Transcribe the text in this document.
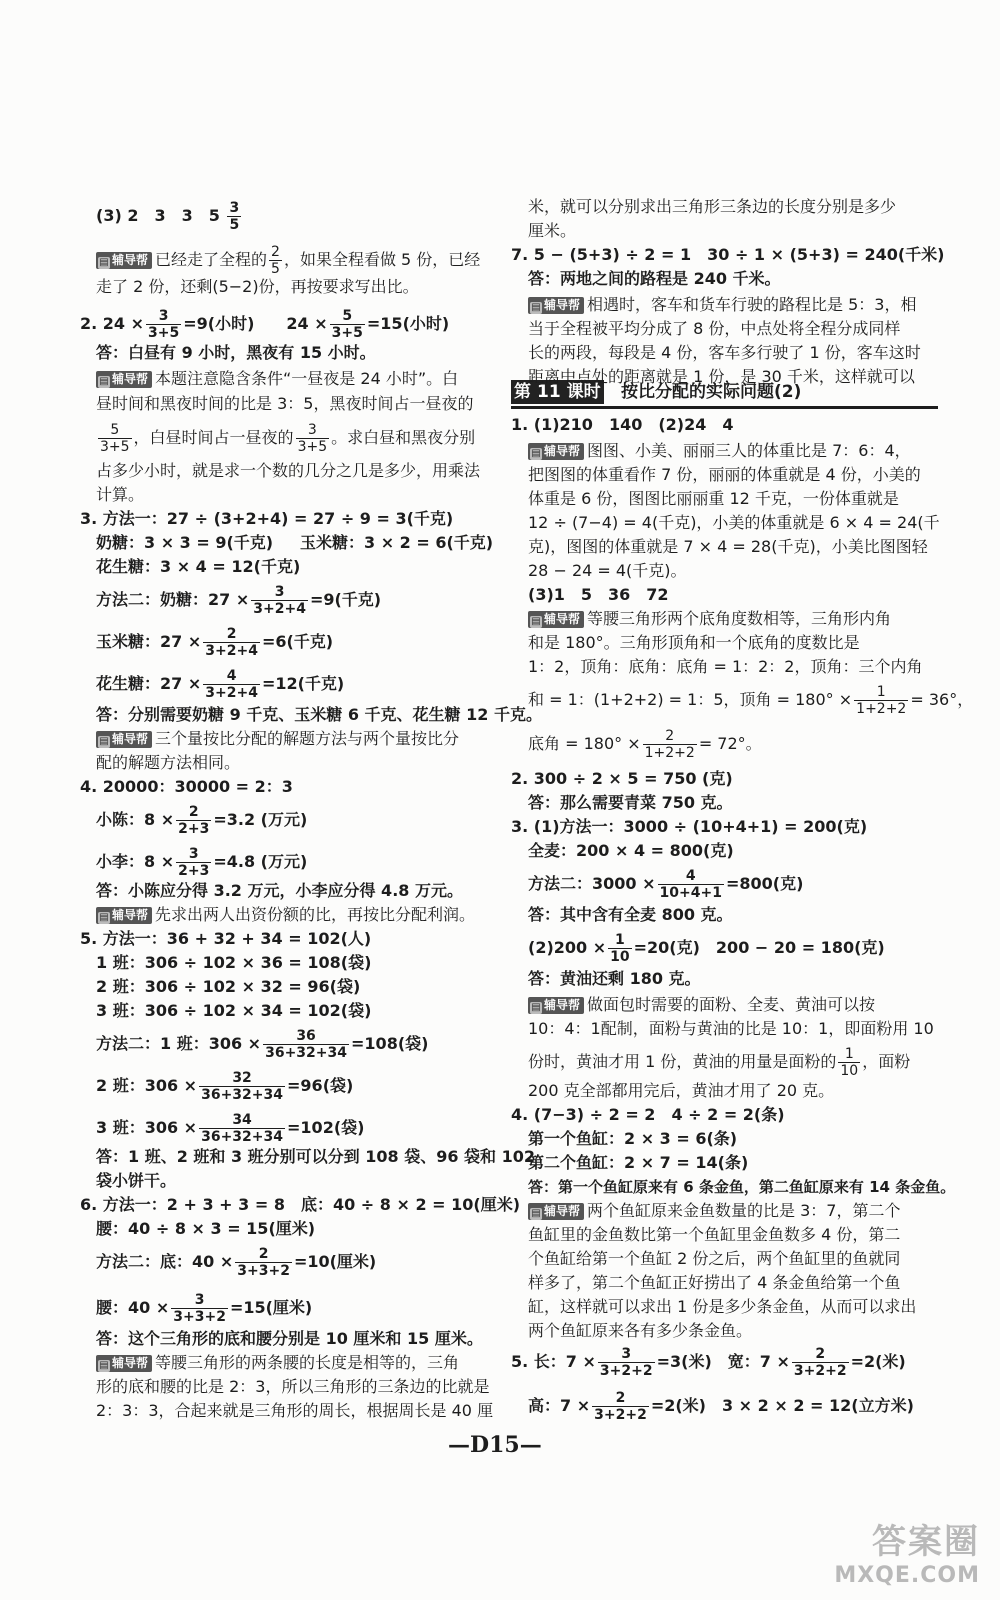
(3) 2　3　3　$5 \frac{3}{5}$
▤ 辅导帮 已经走了全程的 $\frac{2}{5}$ ，如果全程看做 5 份，已经
走了 2 份，还剩(5−2)份，再按要求写出比。
2. $24 \times \frac{3}{3+5} =9$(小时)　　$24 \times \frac{5}{3+5} =15$(小时)
答：白昼有 9 小时，黑夜有 15 小时。
▤ 辅导帮 本题注意隐含条件“一昼夜是 24 小时”。白
昼时间和黑夜时间的比是 3：5，黑夜时间占一昼夜的
$\frac{5}{3+5}$ ，白昼时间占一昼夜的 $\frac{3}{3+5}$ 。求白昼和黑夜分别
占多少小时，就是求一个数的几分之几是多少，用乘法
计算。
3. 方法一：27 ÷ (3+2+4) = 27 ÷ 9 = 3(千克)
奶糖：3 × 3 = 9(千克) 玉米糖：3 × 2 = 6(千克)
花生糖：3 × 4 = 12(千克)
方法二：奶糖：$27 \times \frac{3}{3+2+4} =9$(千克)
玉米糖：$27 \times \frac{2}{3+2+4} =6$(千克)
花生糖：$27 \times \frac{4}{3+2+4} =12$(千克)
答：分别需要奶糖 9 千克、玉米糖 6 千克、花生糖 12 千克。
▤ 辅导帮 三个量按比分配的解题方法与两个量按比分
配的解题方法相同。
4. 20000：30000 = 2：3
小陈：$8 \times \frac{2}{2+3} =3.2$ (万元)
小李：$8 \times \frac{3}{2+3} =4.8$ (万元)
答：小陈应分得 3.2 万元，小李应分得 4.8 万元。
▤ 辅导帮 先求出两人出资份额的比，再按比分配利润。
5. 方法一：36 + 32 + 34 = 102(人)
1 班：306 ÷ 102 × 36 = 108(袋)
2 班：306 ÷ 102 × 32 = 96(袋)
3 班：306 ÷ 102 × 34 = 102(袋)
方法二：1 班：$306 \times \frac{36}{36+32+34} =108$(袋)
2 班：$306 \times \frac{32}{36+32+34} =96$(袋)
3 班：$306 \times \frac{34}{36+32+34} =102$(袋)
答：1 班、2 班和 3 班分别可以分到 108 袋、96 袋和 102
袋小饼干。
6. 方法一：2 + 3 + 3 = 8　底：40 ÷ 8 × 2 = 10(厘米)
腰：40 ÷ 8 × 3 = 15(厘米)
方法二：底：$40 \times \frac{2}{3+3+2} =10$(厘米)
腰：$40 \times \frac{3}{3+3+2} =15$(厘米)
答：这个三角形的底和腰分别是 10 厘米和 15 厘米。
▤ 辅导帮 等腰三角形的两条腰的长度是相等的，三角
形的底和腰的比是 2：3，所以三角形的三条边的比就是
2：3：3，合起来就是三角形的周长，根据周长是 40 厘
米，就可以分别求出三角形三条边的长度分别是多少
厘米。
7. 5 − (5+3) ÷ 2 = 1　30 ÷ 1 × (5+3) = 240(千米)
答：两地之间的路程是 240 千米。
▤ 辅导帮 相遇时，客车和货车行驶的路程比是 5：3，相
当于全程被平均分成了 8 份，中点处将全程分成同样
长的两段，每段是 4 份，客车多行驶了 1 份，客车这时
第 11 课时 按比分配的实际问题(2)
距离中点处的距离就是 1 份，是 30 千米，这样就可以
1. (1)210　140　(2)24　4
▤ 辅导帮 图图、小美、丽丽三人的体重比是 7：6：4，
把图图的体重看作 7 份，丽丽的体重就是 4 份，小美的
体重是 6 份，图图比丽丽重 12 千克，一份体重就是
12 ÷ (7−4) = 4(千克)，小美的体重就是 6 × 4 = 24(千
克)，图图的体重就是 7 × 4 = 28(千克)，小美比图图轻
28 − 24 = 4(千克)。
(3)1　5　36　72
▤ 辅导帮 等腰三角形两个底角度数相等，三角形内角
和是 180°。三角形顶角和一个底角的度数比是
1：2，顶角：底角：底角 = 1：2：2，顶角：三个内角
和 = 1：(1+2+2) = 1：5，顶角 = $180^\circ \times \frac{1}{1+2+2} = 36^\circ$，
底角 = $180^\circ \times \frac{2}{1+2+2} = 72^\circ$。
2. 300 ÷ 2 × 5 = 750 (克)
答：那么需要青菜 750 克。
3. (1)方法一：3000 ÷ (10+4+1) = 200(克)
全麦：200 × 4 = 800(克)
方法二：$3000 \times \frac{4}{10+4+1} =800$(克)
答：其中含有全麦 800 克。
$(2)200 \times \frac{1}{10} =20$(克)　200 − 20 = 180(克)
答：黄油还剩 180 克。
▤ 辅导帮 做面包时需要的面粉、全麦、黄油可以按
10：4：1配制，面粉与黄油的比是 10：1，即面粉用 10
份时，黄油才用 1 份，黄油的用量是面粉的 $\frac{1}{10}$ ，面粉
200 克全部都用完后，黄油才用了 20 克。
4. (7−3) ÷ 2 = 2　4 ÷ 2 = 2(条)
第一个鱼缸：2 × 3 = 6(条)
第二个鱼缸：2 × 7 = 14(条)
答：第一个鱼缸原来有 6 条金鱼，第二鱼缸原来有 14 条金鱼。
▤ 辅导帮 两个鱼缸原来金鱼数量的比是 3：7，第二个
鱼缸里的金鱼数比第一个鱼缸里金鱼数多 4 份，第二
个鱼缸给第一个鱼缸 2 份之后，两个鱼缸里的鱼就同
样多了，第二个鱼缸正好捞出了 4 条金鱼给第一个鱼
缸，这样就可以求出 1 份是多少条金鱼，从而可以求出
两个鱼缸原来各有多少条金鱼。
5. 长：$7 \times \frac{3}{3+2+2} =3$(米)　宽：$7 \times \frac{2}{3+2+2} =2$(米)
高：$7 \times \frac{2}{3+2+2} =2$(米)　3 × 2 × 2 = 12(立方米)
—D15—
答案圈
MXQE.COM
